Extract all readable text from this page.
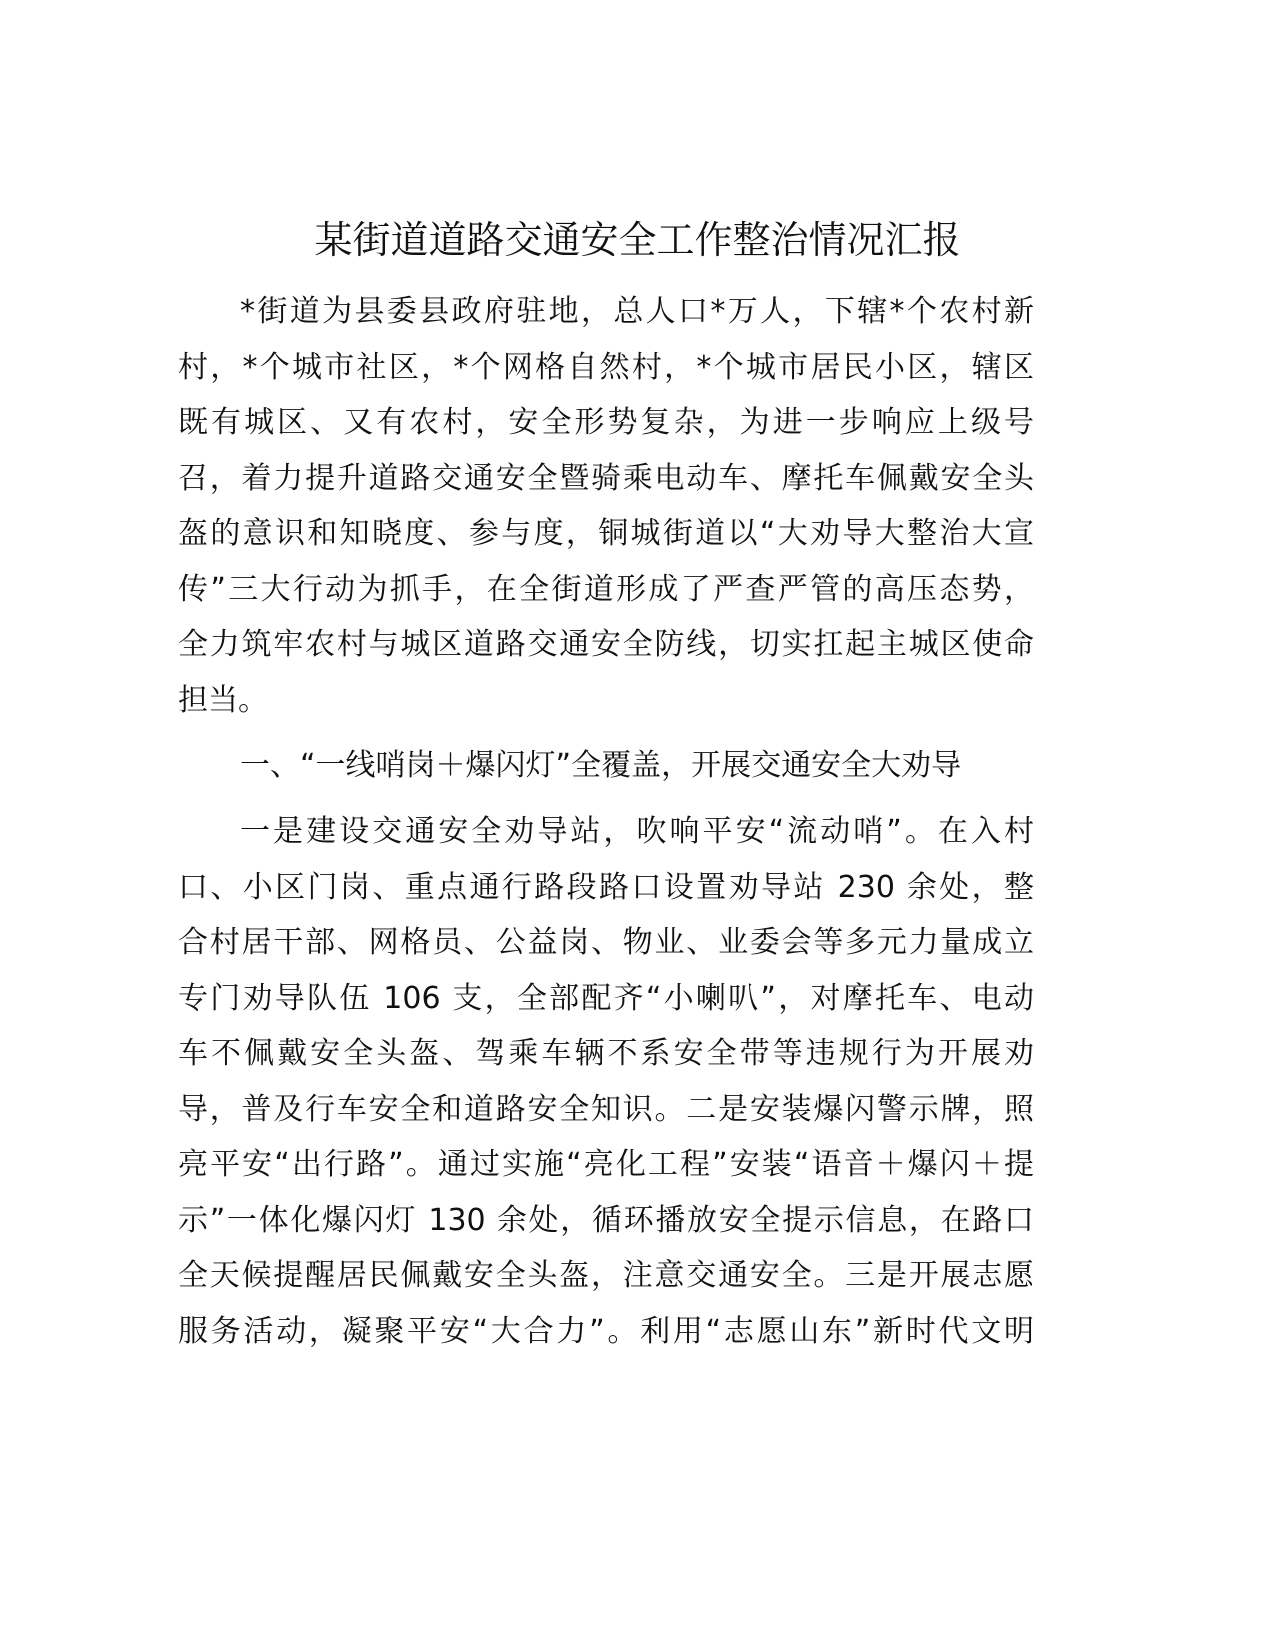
某街道道路交通安全工作整治情况汇报
*街道为县委县政府驻地，总人口*万人，下辖*个农村新
村，*个城市社区，*个网格自然村，*个城市居民小区，辖区
既有城区、又有农村，安全形势复杂，为进一步响应上级号
召，着力提升道路交通安全暨骑乘电动车、摩托车佩戴安全头
盔的意识和知晓度、参与度，铜城街道以“大劝导大整治大宣
传”三大行动为抓手，在全街道形成了严查严管的高压态势，
全力筑牢农村与城区道路交通安全防线，切实扛起主城区使命
担当。
一、“一线哨岗＋爆闪灯”全覆盖，开展交通安全大劝导
一是建设交通安全劝导站，吹响平安“流动哨”。在入村
口、小区门岗、重点通行路段路口设置劝导站 230 余处，整
合村居干部、网格员、公益岗、物业、业委会等多元力量成立
专门劝导队伍 106 支，全部配齐“小喇叭”，对摩托车、电动
车不佩戴安全头盔、驾乘车辆不系安全带等违规行为开展劝
导，普及行车安全和道路安全知识。二是安装爆闪警示牌，照
亮平安“出行路”。通过实施“亮化工程”安装“语音＋爆闪＋提
示”一体化爆闪灯 130 余处，循环播放安全提示信息，在路口
全天候提醒居民佩戴安全头盔，注意交通安全。三是开展志愿
服务活动，凝聚平安“大合力”。利用“志愿山东”新时代文明
